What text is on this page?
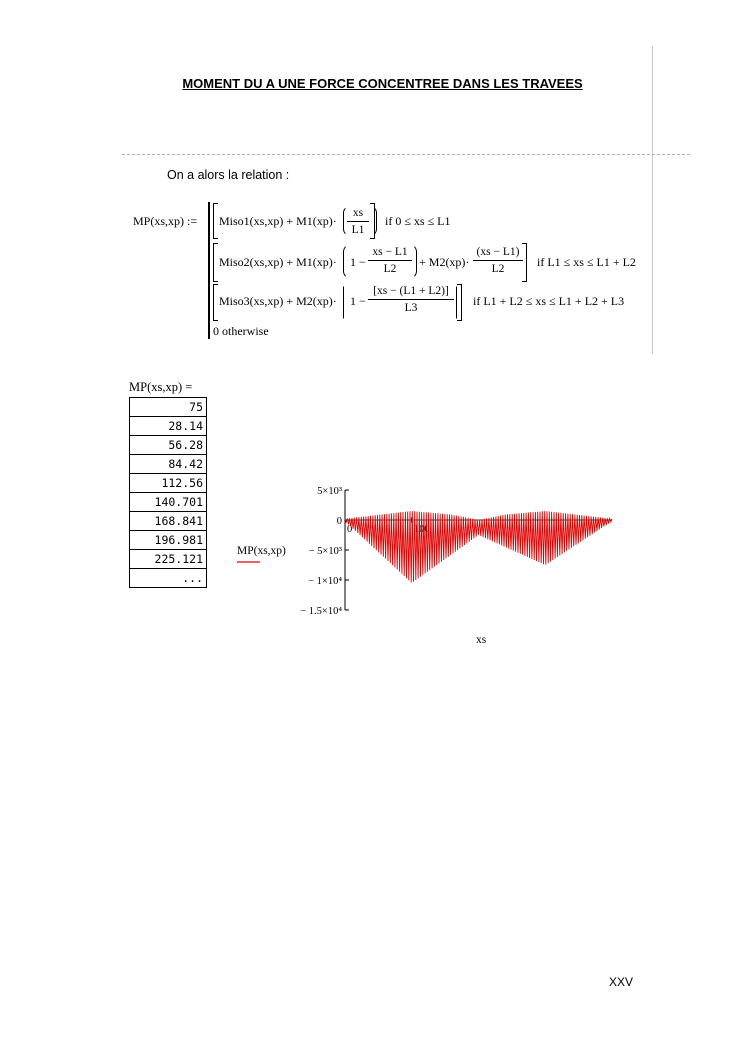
MOMENT DU A UNE FORCE CONCENTREE DANS LES TRAVEES
On a alors la relation :
MP(xs,xp) := Miso1(xs,xp) + M1(xp)·
xs
L1
if 0 ≤ xs ≤ L1
Miso2(xs,xp) + M1(xp)· 1 −
xs − L1
L2	+ M2(xp)·
(xs − L1)
L2	if L1 ≤ xs ≤ L1 + L2
Miso3(xs,xp) + M2(xp)· 1 −
[xs − (L1 + L2)]
L3	if L1 + L2 ≤ xs ≤ L1 + L2 + L3
0 otherwise
MP(xs,xp) =
75
28.14
56.28
84.42
112.56
140.701
168.841
196.981
225.121
...
5×10³
0
− 5×10³
− 1×10⁴
− 1.5×10⁴
0	100
MP(xs,xp)
xs
XXV
